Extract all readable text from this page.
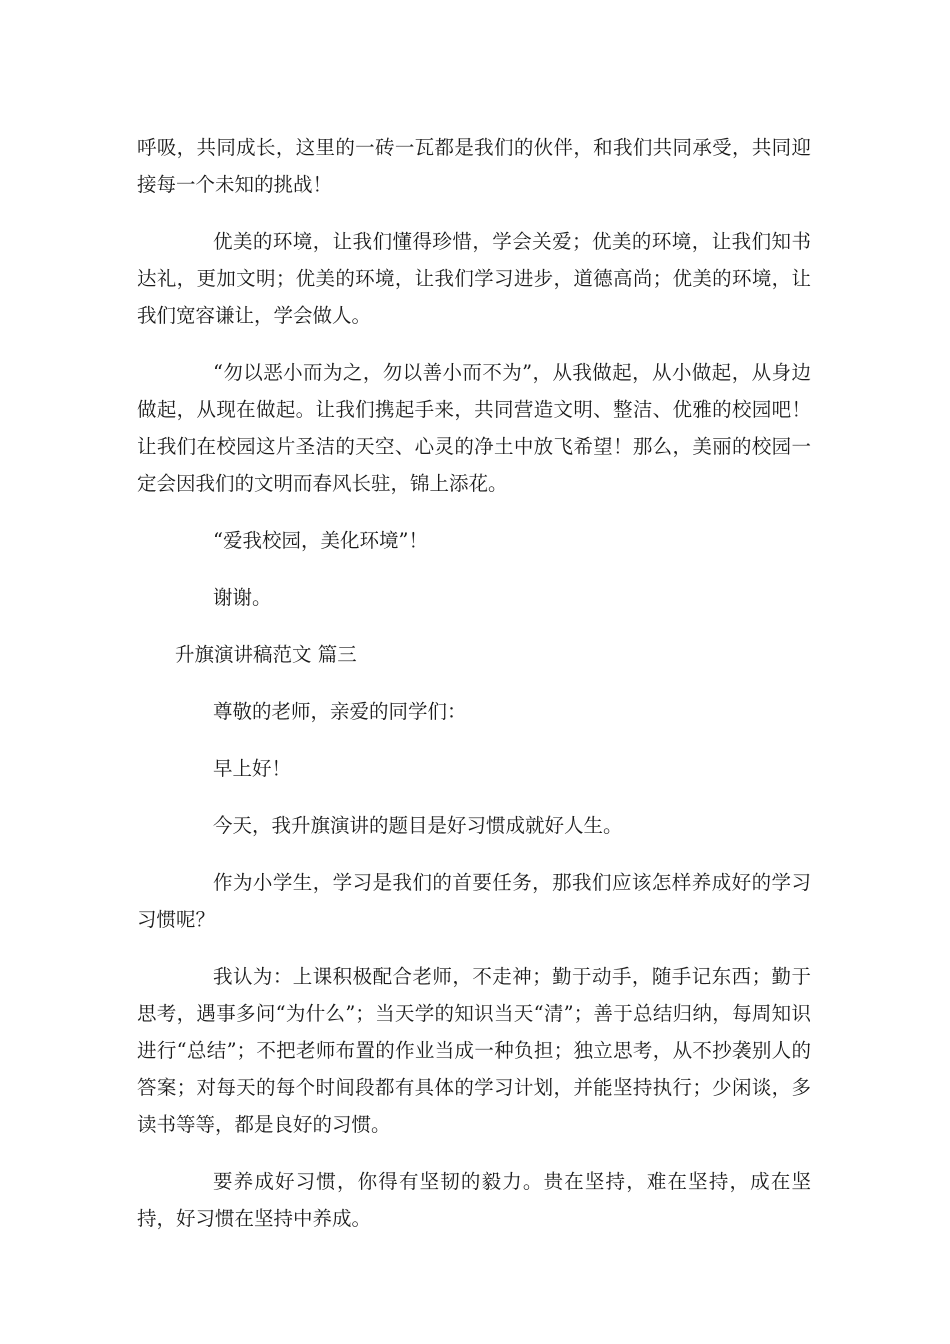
呼吸，共同成长，这里的一砖一瓦都是我们的伙伴，和我们共同承受，共同迎接每一个未知的挑战！

优美的环境，让我们懂得珍惜，学会关爱；优美的环境，让我们知书达礼，更加文明；优美的环境，让我们学习进步，道德高尚；优美的环境，让我们宽容谦让，学会做人。

“勿以恶小而为之，勿以善小而不为”，从我做起，从小做起，从身边做起，从现在做起。让我们携起手来，共同营造文明、整洁、优雅的校园吧！让我们在校园这片圣洁的天空、心灵的净土中放飞希望！那么，美丽的校园一定会因我们的文明而春风长驻，锦上添花。

“爱我校园，美化环境”！

谢谢。

升旗演讲稿范文 篇三

尊敬的老师，亲爱的同学们：

早上好！

今天，我升旗演讲的题目是好习惯成就好人生。

作为小学生，学习是我们的首要任务，那我们应该怎样养成好的学习习惯呢？

我认为：上课积极配合老师，不走神；勤于动手，随手记东西；勤于思考，遇事多问“为什么”；当天学的知识当天“清”；善于总结归纳，每周知识进行“总结”；不把老师布置的作业当成一种负担；独立思考，从不抄袭别人的答案；对每天的每个时间段都有具体的学习计划，并能坚持执行；少闲谈，多读书等等，都是良好的习惯。

要养成好习惯，你得有坚韧的毅力。贵在坚持，难在坚持，成在坚持，好习惯在坚持中养成。
